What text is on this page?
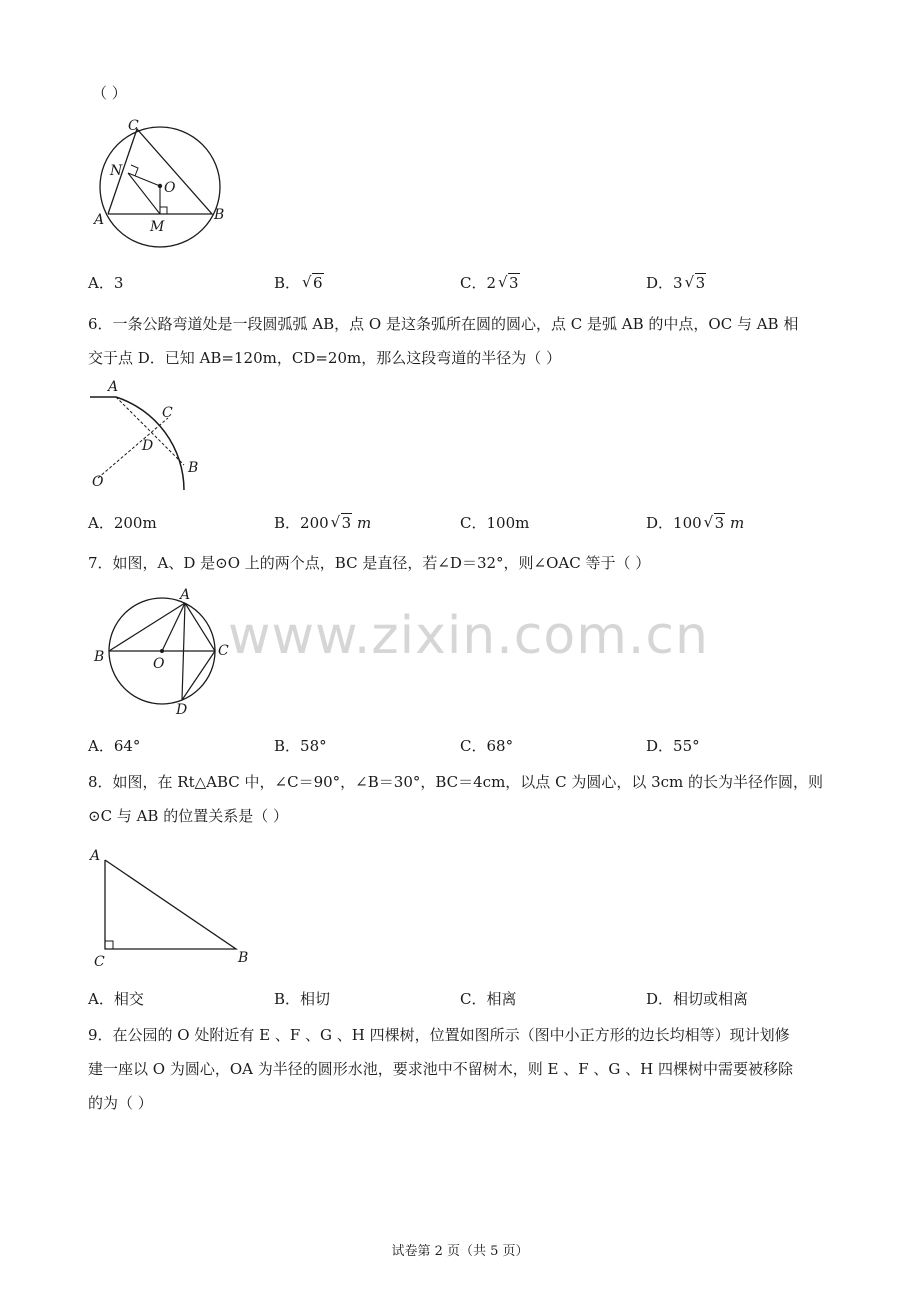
（ ）
C
N
O
A	M
B
A．3	B． √ 6	C．2 √ 3	D．3 √ 3
6．一条公路弯道处是一段圆弧弧 AB，点 O 是这条弧所在圆的圆心，点 C 是弧 AB 的中点，OC 与 AB 相
交于点 D．已知 AB=120m，CD=20m，那么这段弯道的半径为（ ）
A
C
D
B
O
A．200m	B．200 √ 3 m	C．100m	D．100 √ 3 m
7．如图，A、D 是⊙O 上的两个点，BC 是直径，若∠D＝32°，则∠OAC 等于（ ）
www.zixin.com.cn
A
B	O
C
D
A．64°	B．58°	C．68°	D．55°
8．如图，在 Rt△ABC 中，∠C＝90°，∠B＝30°，BC＝4cm，以点 C 为圆心，以 3cm 的长为半径作圆，则
⊙C 与 AB 的位置关系是（ ）
A
C	B
A．相交	B．相切	C．相离	D．相切或相离
9．在公园的 O 处附近有 E 、F 、G 、H 四棵树，位置如图所示（图中小正方形的边长均相等）现计划修
建一座以 O 为圆心，OA 为半径的圆形水池，要求池中不留树木，则 E 、F 、G 、H 四棵树中需要被移除
的为（ ）
试卷第 2 页（共 5 页）
